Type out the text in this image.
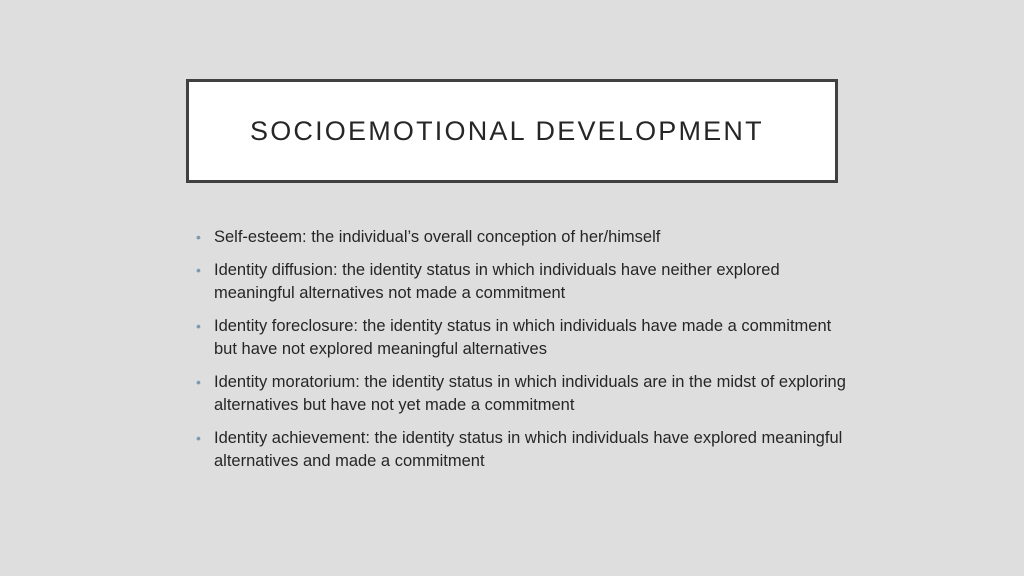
SOCIOEMOTIONAL DEVELOPMENT
• Self-esteem: the individual’s overall conception of her/himself
• Identity diffusion: the identity status in which individuals have neither explored meaningful alternatives not made a commitment
• Identity foreclosure: the identity status in which individuals have made a commitment but have not explored meaningful alternatives
• Identity moratorium: the identity status in which individuals are in the midst of exploring alternatives but have not yet made a commitment
• Identity achievement: the identity status in which individuals have explored meaningful alternatives and made a commitment
